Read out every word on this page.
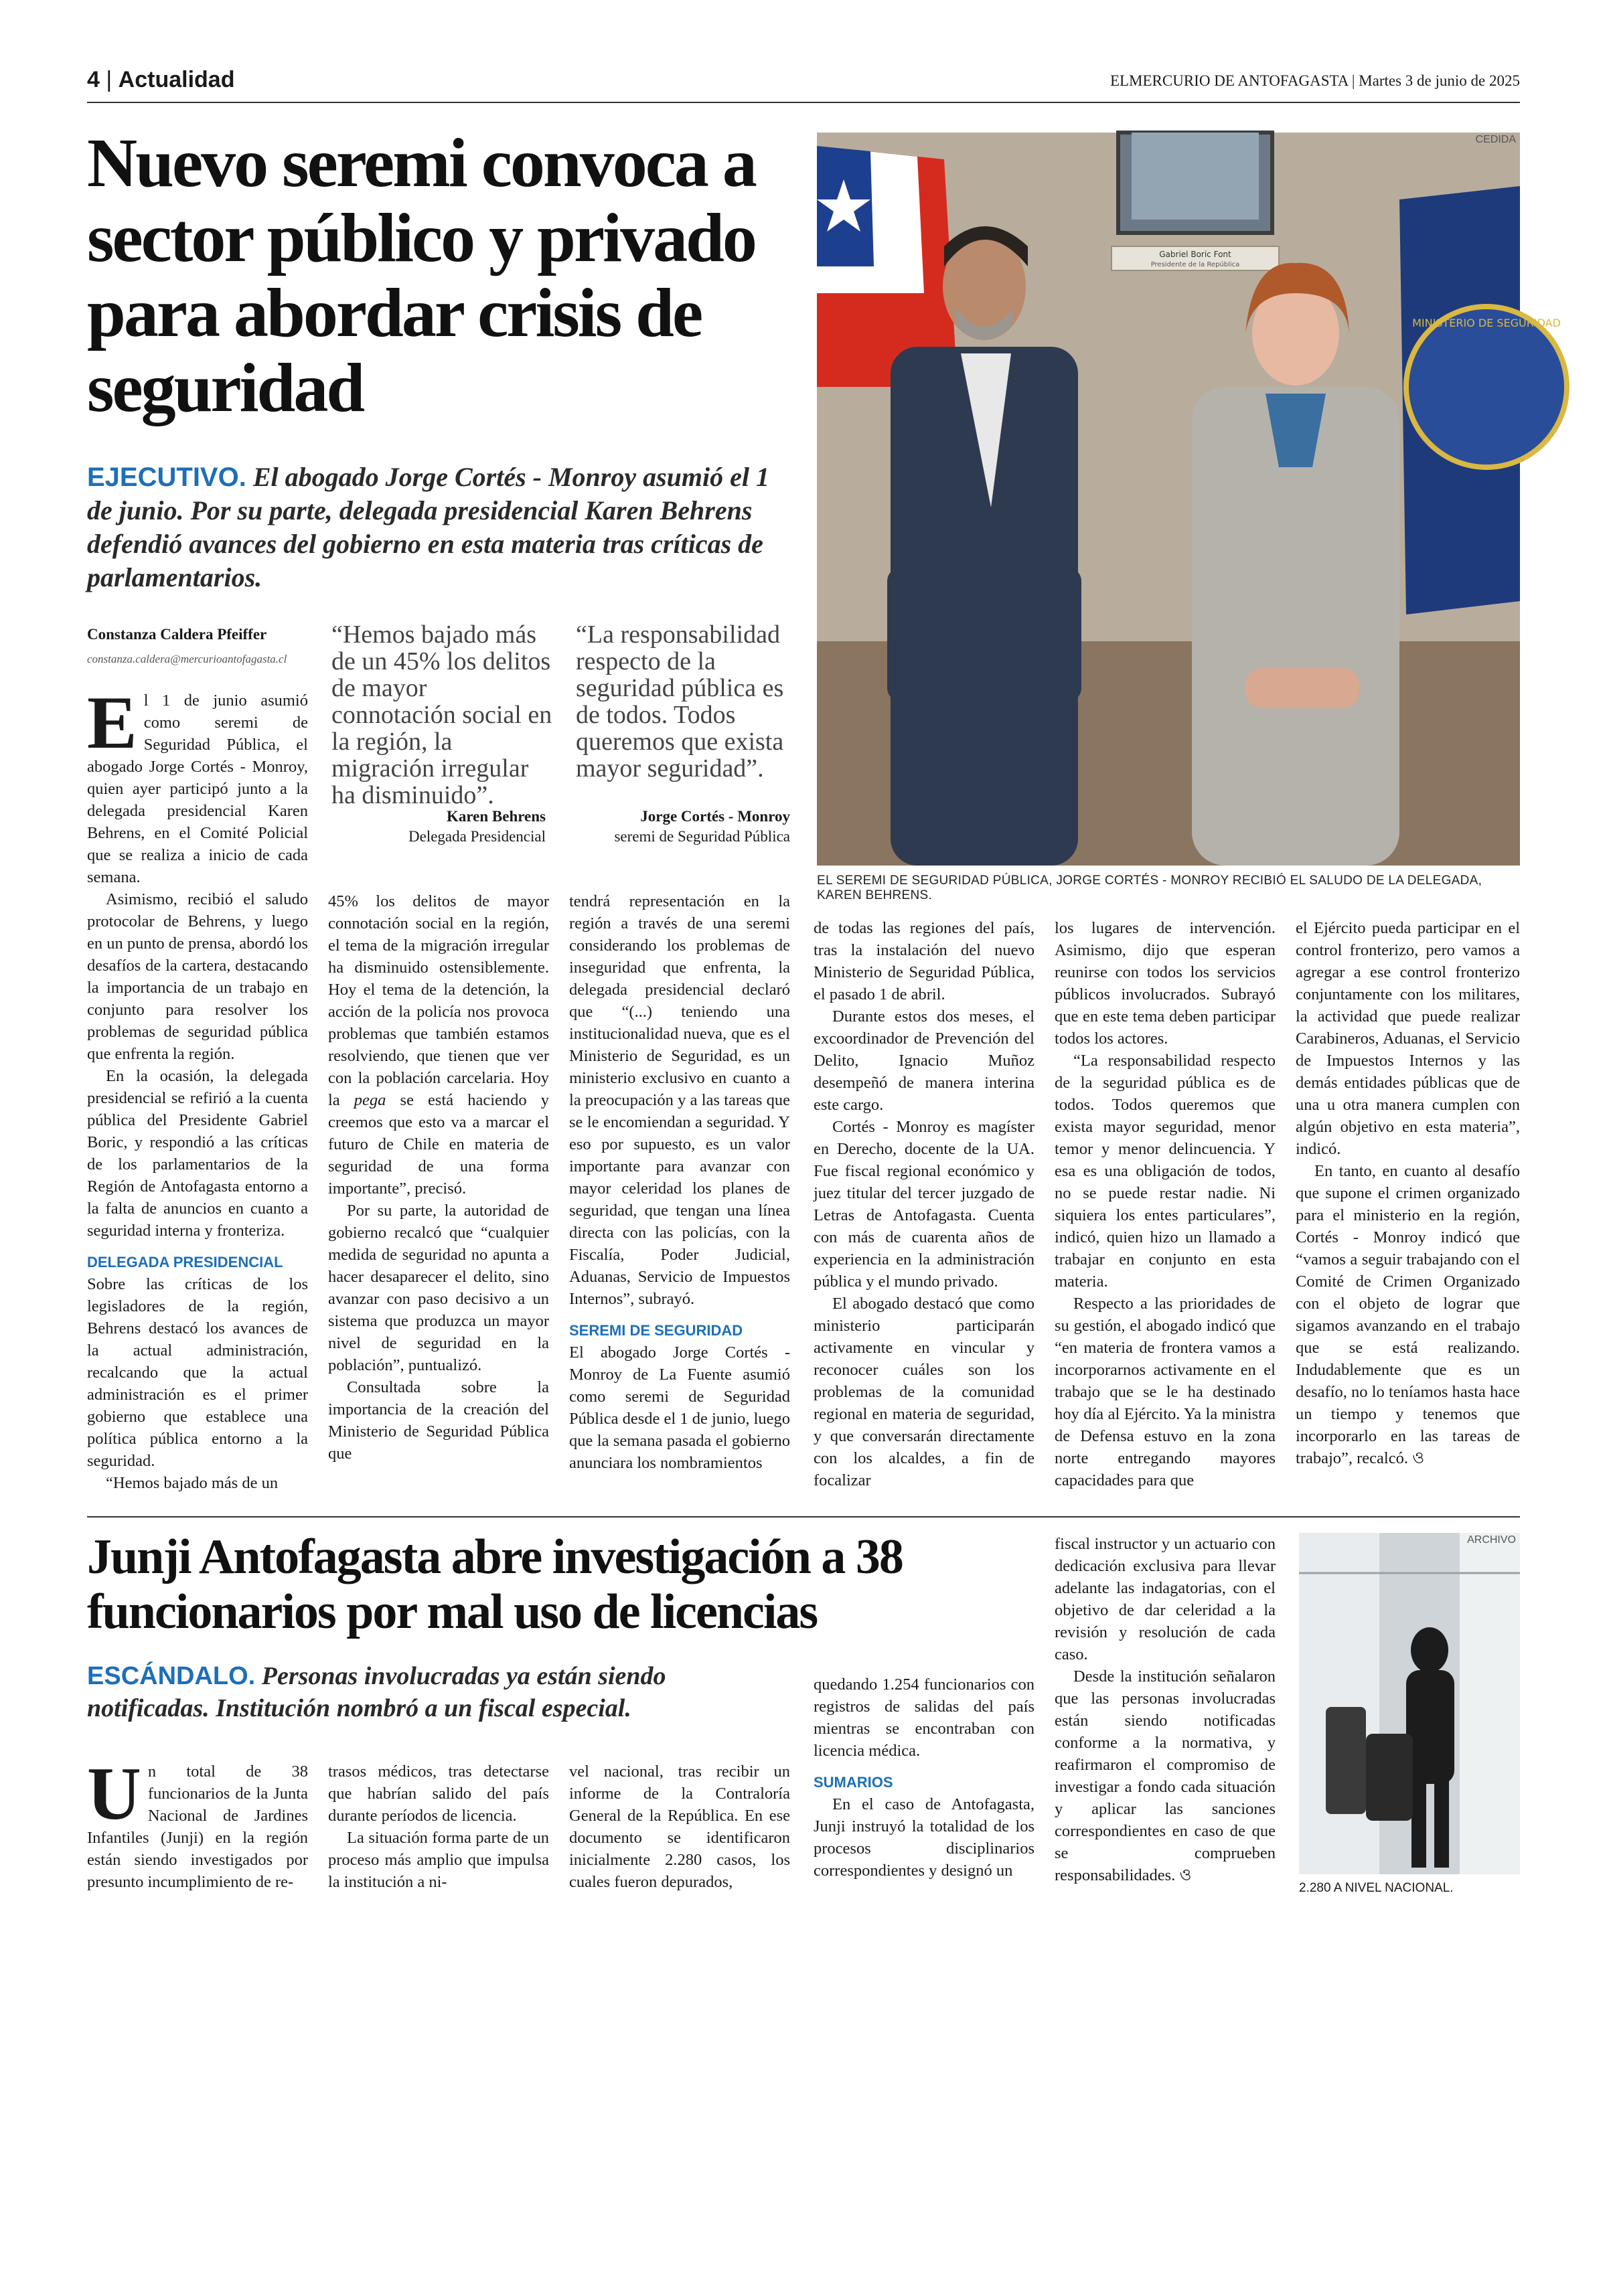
4 | Actualidad	ELMERCURIO DE ANTOFAGASTA | Martes 3 de junio de 2025
Nuevo seremi convoca a sector público y privado para abordar crisis de seguridad
EJECUTIVO. El abogado Jorge Cortés - Monroy asumió el 1 de junio. Por su parte, delegada presidencial Karen Behrens defendió avances del gobierno en esta materia tras críticas de parlamentarios.
Constanza Caldera Pfeiffer
constanza.caldera@mercurioantofagasta.cl
“Hemos bajado más de un 45% los delitos de mayor connotación social en la región, la migración irregular ha disminuido”.
Karen Behrens
Delegada Presidencial
“La responsabilidad respecto de la seguridad pública es de todos. Todos queremos que exista mayor seguridad”.
Jorge Cortés - Monroy
seremi de Seguridad Pública
Gabriel Boric Font
Presidente de la República
MINISTERIO DE SEGURIDAD
CEDIDA
EL SEREMI DE SEGURIDAD PÚBLICA, JORGE CORTÉS - MONROY RECIBIÓ EL SALUDO DE LA DELEGADA, KAREN BEHRENS.
E l 1 de junio asumió como seremi de Seguridad Pública, el abogado Jorge Cortés - Monroy, quien ayer participó junto a la delegada presidencial Karen Behrens, en el Comité Policial que se realiza a inicio de cada semana.

Asimismo, recibió el saludo protocolar de Behrens, y luego en un punto de prensa, abordó los desafíos de la cartera, destacando la importancia de un trabajo en conjunto para resolver los problemas de seguridad pública que enfrenta la región.

En la ocasión, la delegada presidencial se refirió a la cuenta pública del Presidente Gabriel Boric, y respondió a las críticas de los parlamentarios de la Región de Antofagasta entorno a la falta de anuncios en cuanto a seguridad interna y fronteriza.

DELEGADA PRESIDENCIAL

Sobre las críticas de los legisladores de la región, Behrens destacó los avances de la actual administración, recalcando que la actual administración es el primer gobierno que establece una política pública entorno a la seguridad.

“Hemos bajado más de un

45% los delitos de mayor connotación social en la región, el tema de la migración irregular ha disminuido ostensiblemente. Hoy el tema de la detención, la acción de la policía nos provoca problemas que también estamos resolviendo, que tienen que ver con la población carcelaria. Hoy la pega se está haciendo y creemos que esto va a marcar el futuro de Chile en materia de seguridad de una forma importante”, precisó.

Por su parte, la autoridad de gobierno recalcó que “cualquier medida de seguridad no apunta a hacer desaparecer el delito, sino avanzar con paso decisivo a un sistema que produzca un mayor nivel de seguridad en la población”, puntualizó.

Consultada sobre la importancia de la creación del Ministerio de Seguridad Pública que

tendrá representación en la región a través de una seremi considerando los problemas de inseguridad que enfrenta, la delegada presidencial declaró que “(...) teniendo una institucionalidad nueva, que es el Ministerio de Seguridad, es un ministerio exclusivo en cuanto a la preocupación y a las tareas que se le encomiendan a seguridad. Y eso por supuesto, es un valor importante para avanzar con mayor celeridad los planes de seguridad, que tengan una línea directa con las policías, con la Fiscalía, Poder Judicial, Aduanas, Servicio de Impuestos Internos”, subrayó.

SEREMI DE SEGURIDAD

El abogado Jorge Cortés - Monroy de La Fuente asumió como seremi de Seguridad Pública desde el 1 de junio, luego que la semana pasada el gobierno anunciara los nombramientos

de todas las regiones del país, tras la instalación del nuevo Ministerio de Seguridad Pública, el pasado 1 de abril.

Durante estos dos meses, el excoordinador de Prevención del Delito, Ignacio Muñoz desempeñó de manera interina este cargo.

Cortés - Monroy es magíster en Derecho, docente de la UA. Fue fiscal regional económico y juez titular del tercer juzgado de Letras de Antofagasta. Cuenta con más de cuarenta años de experiencia en la administración pública y el mundo privado.

El abogado destacó que como ministerio participarán activamente en vincular y reconocer cuáles son los problemas de la comunidad regional en materia de seguridad, y que conversarán directamente con los alcaldes, a fin de focalizar

los lugares de intervención. Asimismo, dijo que esperan reunirse con todos los servicios públicos involucrados. Subrayó que en este tema deben participar todos los actores.

“La responsabilidad respecto de la seguridad pública es de todos. Todos queremos que exista mayor seguridad, menor temor y menor delincuencia. Y esa es una obligación de todos, no se puede restar nadie. Ni siquiera los entes particulares”, indicó, quien hizo un llamado a trabajar en conjunto en esta materia.

Respecto a las prioridades de su gestión, el abogado indicó que “en materia de frontera vamos a incorporarnos activamente en el trabajo que se le ha destinado hoy día al Ejército. Ya la ministra de Defensa estuvo en la zona norte entregando mayores capacidades para que

el Ejército pueda participar en el control fronterizo, pero vamos a agregar a ese control fronterizo conjuntamente con los militares, la actividad que puede realizar Carabineros, Aduanas, el Servicio de Impuestos Internos y las demás entidades públicas que de una u otra manera cumplen con algún objetivo en esta materia”, indicó.

En tanto, en cuanto al desafío que supone el crimen organizado para el ministerio en la región, Cortés - Monroy indicó que “vamos a seguir trabajando con el Comité de Crimen Organizado con el objeto de lograr que sigamos avanzando en el trabajo que se está realizando. Indudablemente que es un desafío, no lo teníamos hasta hace un tiempo y tenemos que incorporarlo en las tareas de trabajo”, recalcó. ও

Junji Antofagasta abre investigación a 38 funcionarios por mal uso de licencias
ESCÁNDALO. Personas involucradas ya están siendo notificadas. Institución nombró a un fiscal especial.
U n total de 38 funcionarios de la Junta Nacional de Jardines Infantiles (Junji) en la región están siendo investigados por presunto incumplimiento de re-

trasos médicos, tras detectarse que habrían salido del país durante períodos de licencia.

La situación forma parte de un proceso más amplio que impulsa la institución a ni-

vel nacional, tras recibir un informe de la Contraloría General de la República. En ese documento se identificaron inicialmente 2.280 casos, los cuales fueron depurados,

quedando 1.254 funcionarios con registros de salidas del país mientras se encontraban con licencia médica.

SUMARIOS

En el caso de Antofagasta, Junji instruyó la totalidad de los procesos disciplinarios correspondientes y designó un

fiscal instructor y un actuario con dedicación exclusiva para llevar adelante las indagatorias, con el objetivo de dar celeridad a la revisión y resolución de cada caso.

Desde la institución señalaron que las personas involucradas están siendo notificadas conforme a la normativa, y reafirmaron el compromiso de investigar a fondo cada situación y aplicar las sanciones correspondientes en caso de que se comprueben responsabilidades. ও

ARCHIVO
2.280 A NIVEL NACIONAL.
